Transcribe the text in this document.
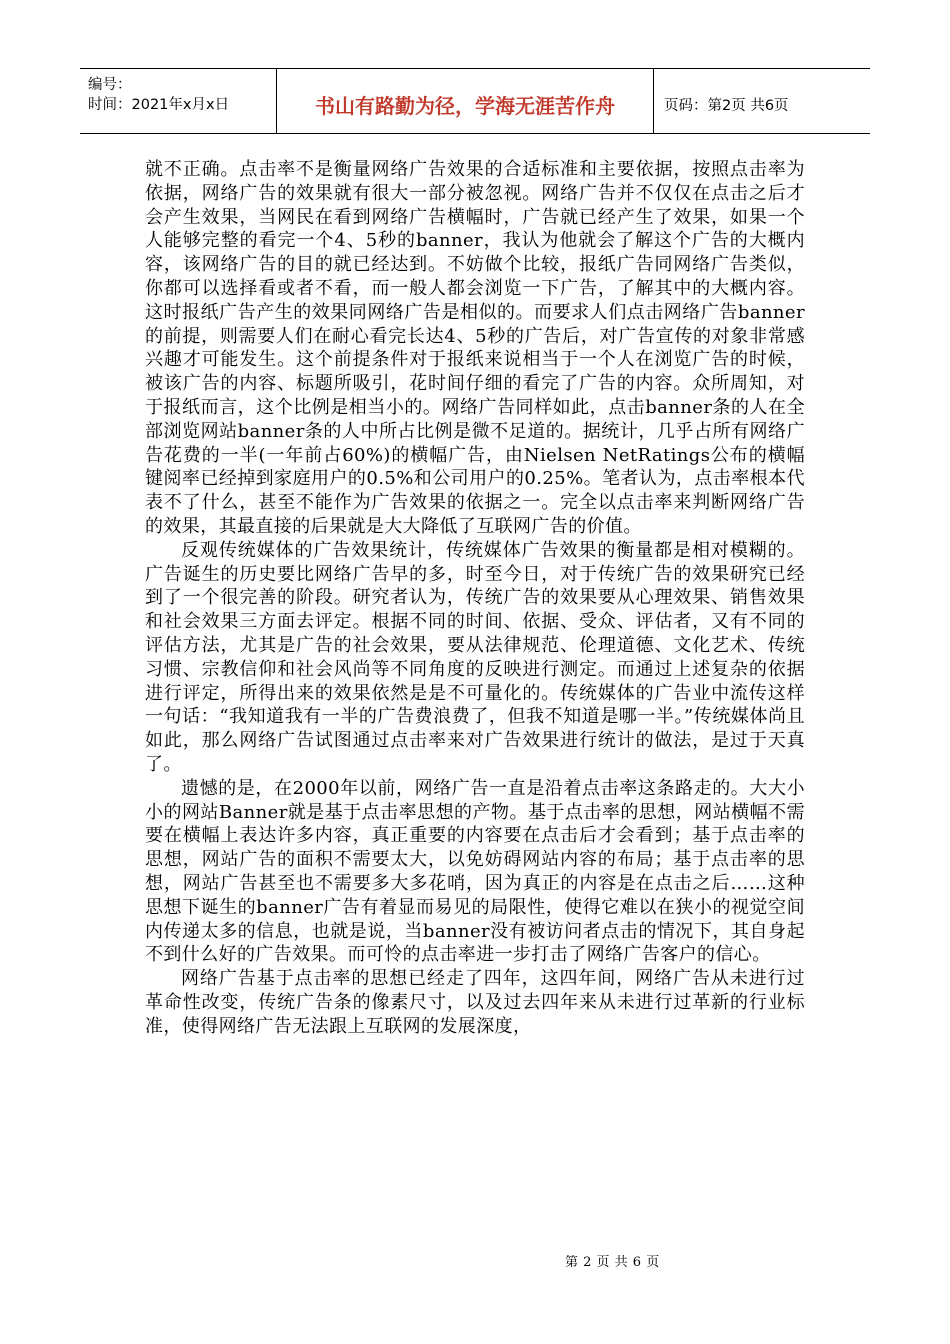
编号：
时间：2021年x月x日	书山有路勤为径，学海无涯苦作舟	页码：第2页 共6页

就不正确。点击率不是衡量网络广告效果的合适标准和主要依据，按照点击率为依据，网络广告的效果就有很大一部分被忽视。网络广告并不仅仅在点击之后才会产生效果，当网民在看到网络广告横幅时，广告就已经产生了效果，如果一个人能够完整的看完一个4、5秒的banner，我认为他就会了解这个广告的大概内容，该网络广告的目的就已经达到。不妨做个比较，报纸广告同网络广告类似，你都可以选择看或者不看，而一般人都会浏览一下广告，了解其中的大概内容。这时报纸广告产生的效果同网络广告是相似的。而要求人们点击网络广告banner的前提，则需要人们在耐心看完长达4、5秒的广告后，对广告宣传的对象非常感兴趣才可能发生。这个前提条件对于报纸来说相当于一个人在浏览广告的时候，被该广告的内容、标题所吸引，花时间仔细的看完了广告的内容。众所周知，对于报纸而言，这个比例是相当小的。网络广告同样如此，点击banner条的人在全部浏览网站banner条的人中所占比例是微不足道的。据统计，几乎占所有网络广告花费的一半(一年前占60%)的横幅广告，由Nielsen NetRatings公布的横幅键阅率已经掉到家庭用户的0.5%和公司用户的0.25%。笔者认为，点击率根本代表不了什么，甚至不能作为广告效果的依据之一。完全以点击率来判断网络广告的效果，其最直接的后果就是大大降低了互联网广告的价值。

反观传统媒体的广告效果统计，传统媒体广告效果的衡量都是相对模糊的。广告诞生的历史要比网络广告早的多，时至今日，对于传统广告的效果研究已经到了一个很完善的阶段。研究者认为，传统广告的效果要从心理效果、销售效果和社会效果三方面去评定。根据不同的时间、依据、受众、评估者，又有不同的评估方法，尤其是广告的社会效果，要从法律规范、伦理道德、文化艺术、传统习惯、宗教信仰和社会风尚等不同角度的反映进行测定。而通过上述复杂的依据进行评定，所得出来的效果依然是是不可量化的。传统媒体的广告业中流传这样一句话：“我知道我有一半的广告费浪费了，但我不知道是哪一半。”传统媒体尚且如此，那么网络广告试图通过点击率来对广告效果进行统计的做法，是过于天真了。

遗憾的是，在2000年以前，网络广告一直是沿着点击率这条路走的。大大小小的网站Banner就是基于点击率思想的产物。基于点击率的思想，网站横幅不需要在横幅上表达许多内容，真正重要的内容要在点击后才会看到；基于点击率的思想，网站广告的面积不需要太大，以免妨碍网站内容的布局；基于点击率的思想，网站广告甚至也不需要多大多花哨，因为真正的内容是在点击之后……这种思想下诞生的banner广告有着显而易见的局限性，使得它难以在狭小的视觉空间内传递太多的信息，也就是说，当banner没有被访问者点击的情况下，其自身起不到什么好的广告效果。而可怜的点击率进一步打击了网络广告客户的信心。

网络广告基于点击率的思想已经走了四年，这四年间，网络广告从未进行过革命性改变，传统广告条的像素尺寸，以及过去四年来从未进行过革新的行业标准，使得网络广告无法跟上互联网的发展深度，

第 2 页 共 6 页
